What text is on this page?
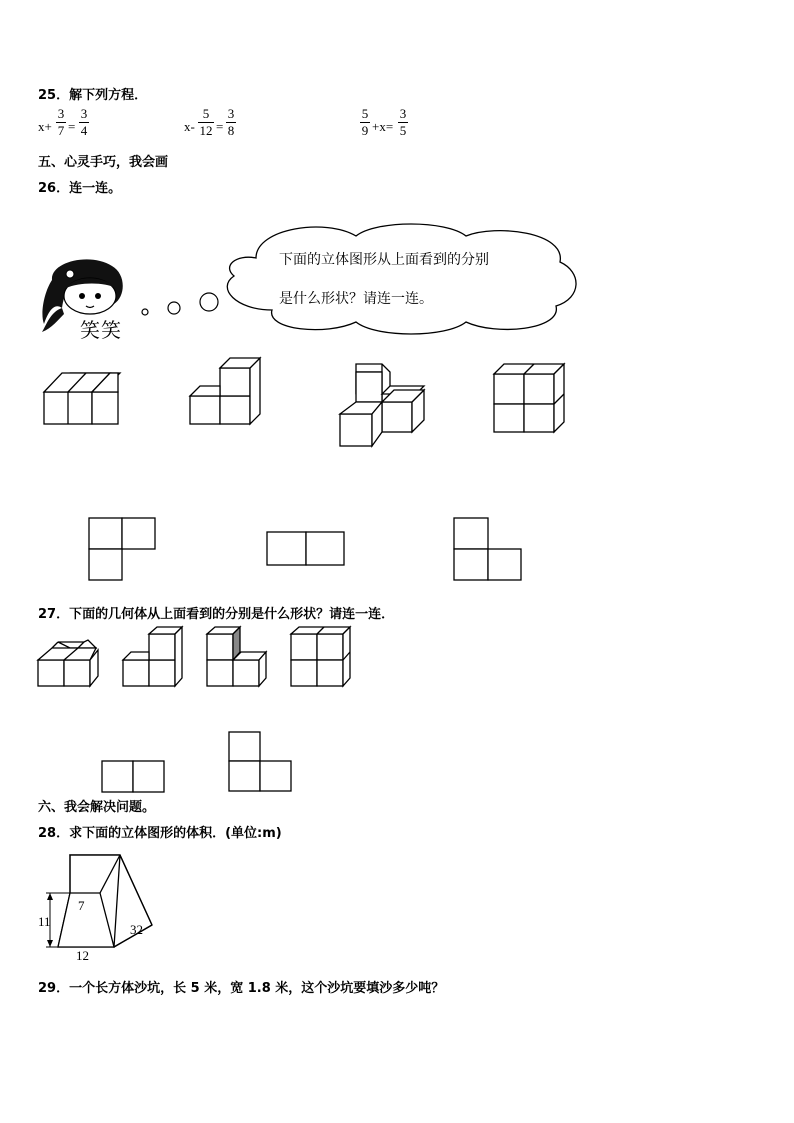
25．解下列方程．
x+
3
7 =
3
4	x-
5
12 =
3
8
5
9 +x=
3
5
五、心灵手巧，我会画
26．连一连。
笑笑
下面的立体图形从上面看到的分别
是什么形状？请连一连。
27．下面的几何体从上面看到的分别是什么形状？请连一连．
六、我会解决问题。
28．求下面的立体图形的体积．(单位:m)
7
11
12
32
29．一个长方体沙坑，长 5 米，宽 1.8 米，这个沙坑要填沙多少吨？
